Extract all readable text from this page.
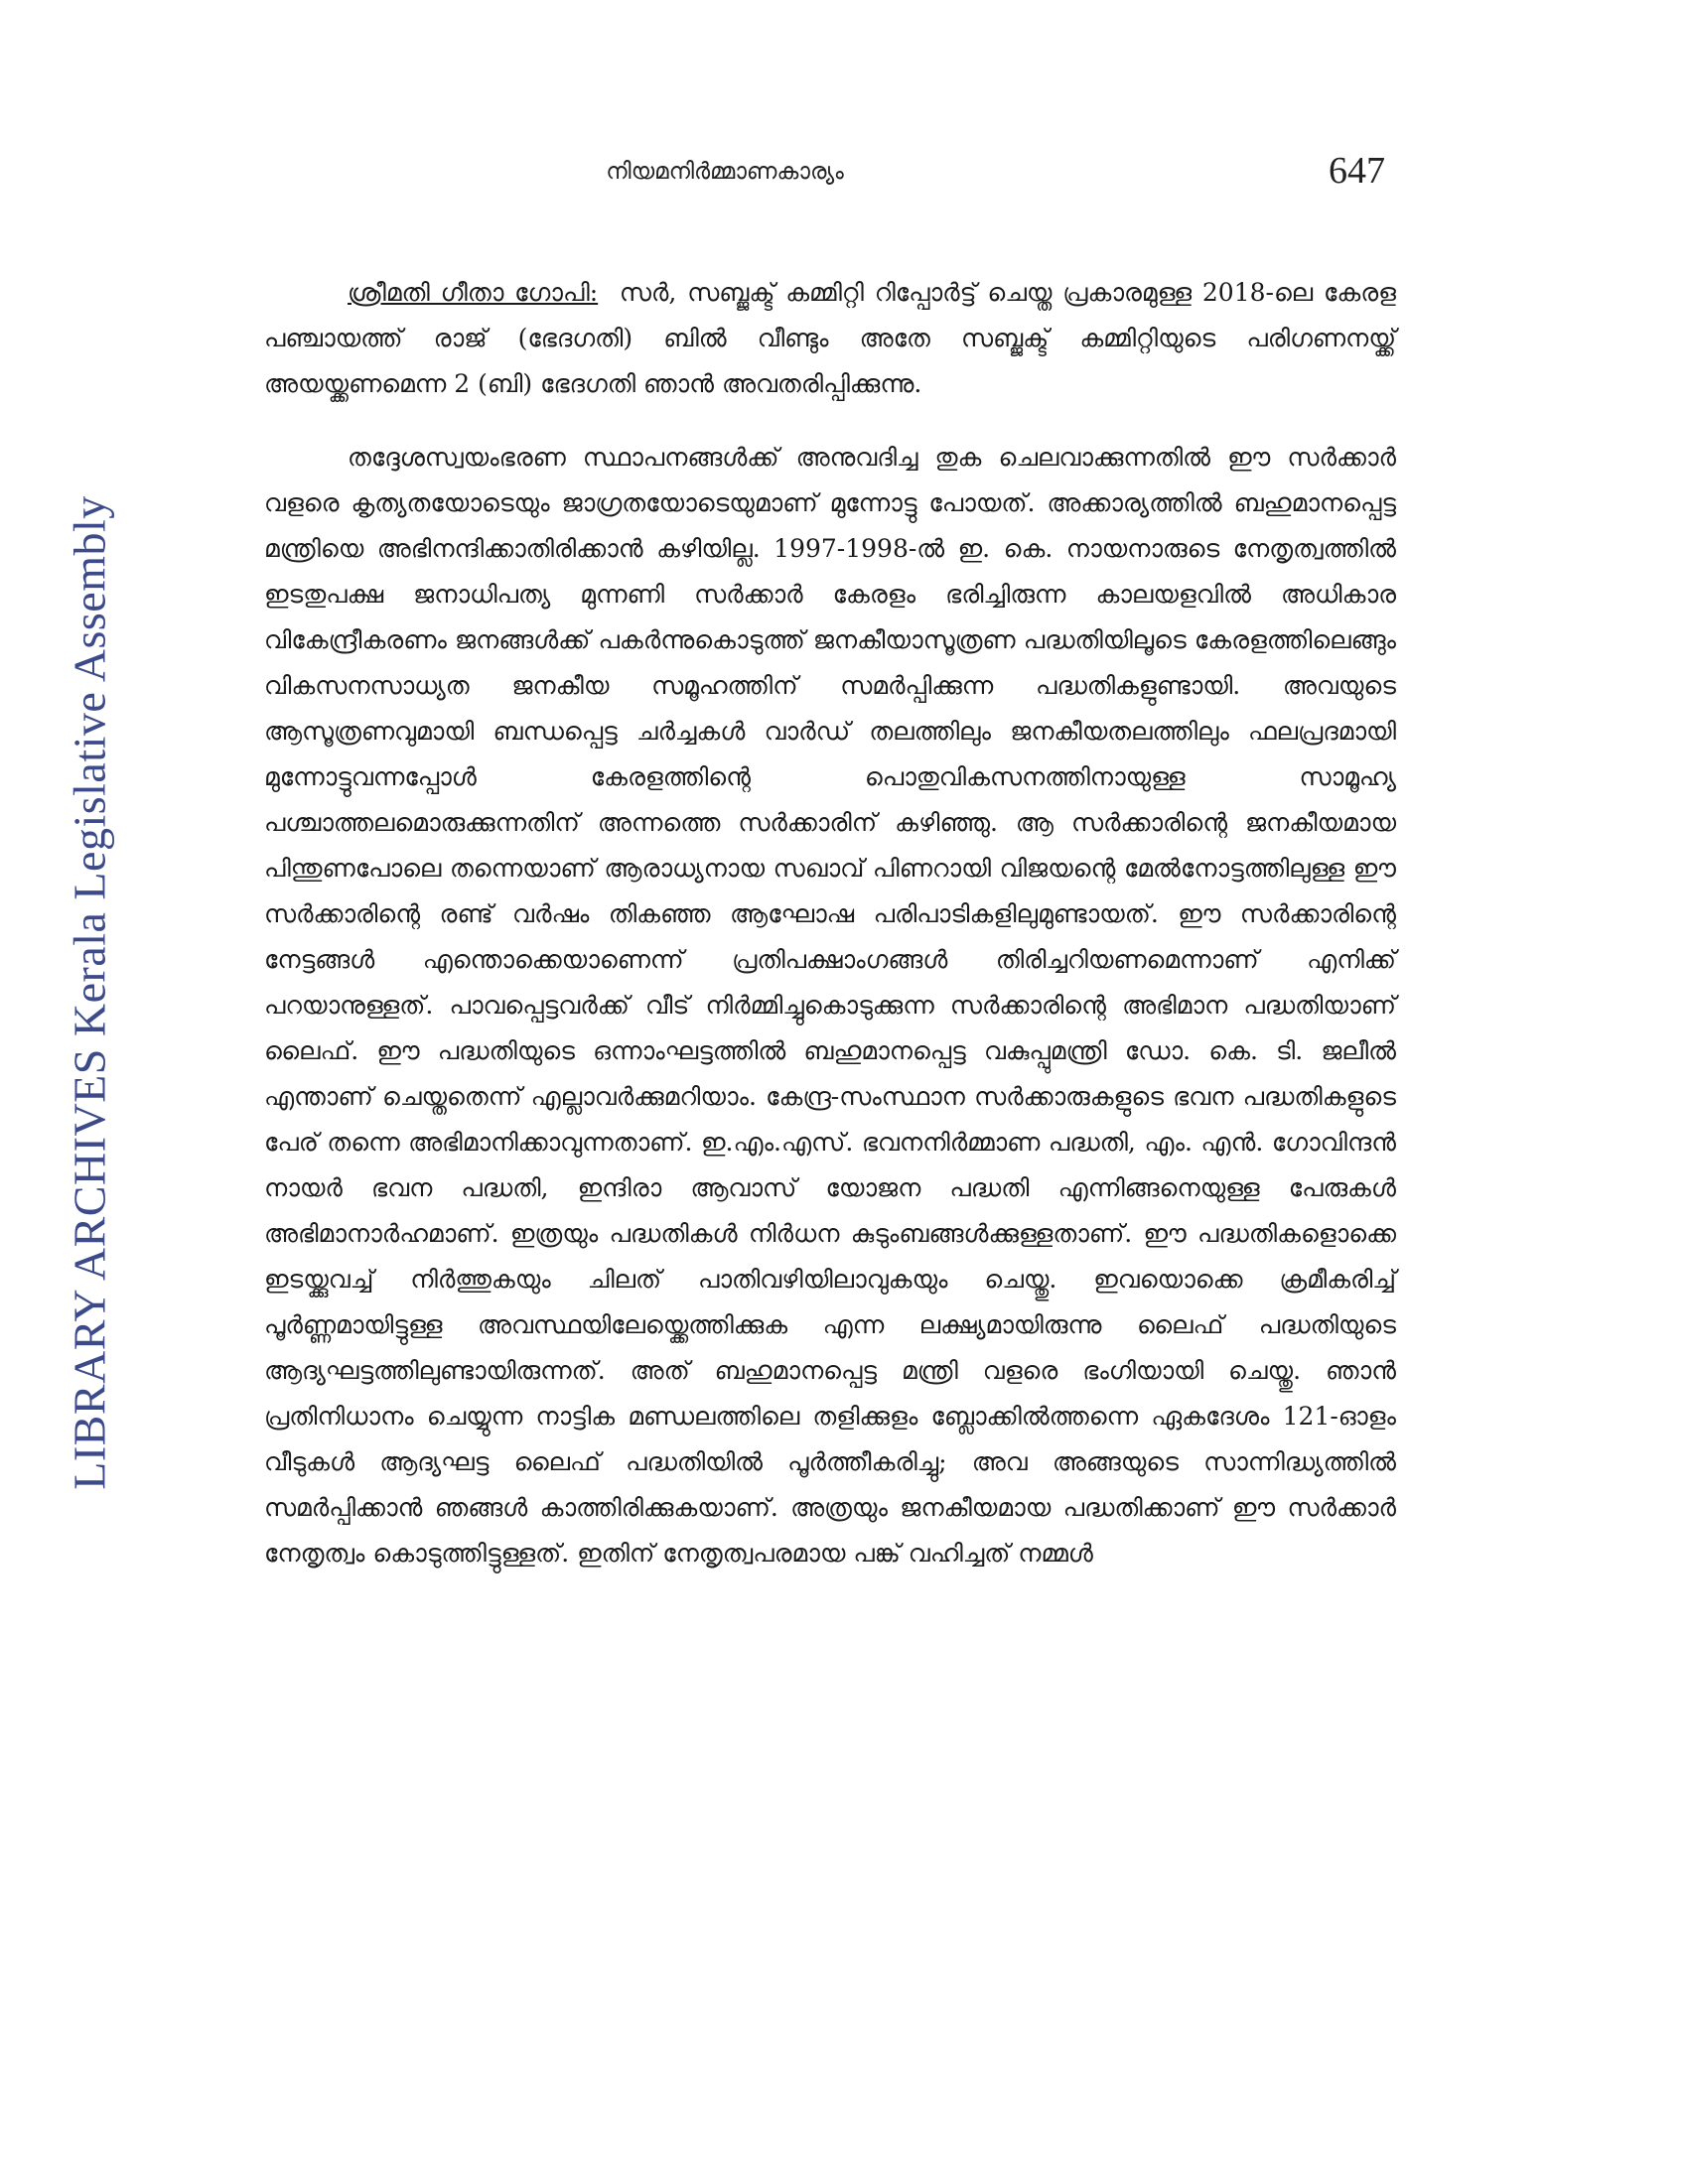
LIBRARY ARCHIVES Kerala Legislative Assembly
നിയമനിർമ്മാണകാര്യം	647

ശ്രീമതി ഗീതാ ഗോപി: സർ, സബ്ജക്ട് കമ്മിറ്റി റിപ്പോർട്ട് ചെയ്ത പ്രകാരമുള്ള 2018-ലെ കേരള പഞ്ചായത്ത് രാജ് (ഭേദഗതി) ബിൽ വീണ്ടും അതേ സബ്ജക്ട് കമ്മിറ്റിയുടെ പരിഗണനയ്ക്ക് അയയ്ക്കണമെന്ന 2 (ബി) ഭേദഗതി ഞാൻ അവതരിപ്പിക്കുന്നു.

തദ്ദേശസ്വയംഭരണ സ്ഥാപനങ്ങൾക്ക് അനുവദിച്ച തുക ചെലവാക്കുന്നതിൽ ഈ സർക്കാർ വളരെ കൃത്യതയോടെയും ജാഗ്രതയോടെയുമാണ് മുന്നോട്ടു പോയത്. അക്കാര്യത്തിൽ ബഹുമാനപ്പെട്ട മന്ത്രിയെ അഭിനന്ദിക്കാതിരിക്കാൻ കഴിയില്ല. 1997-1998-ൽ ഇ. കെ. നായനാരുടെ നേതൃത്വത്തിൽ ഇടതുപക്ഷ ജനാധിപത്യ മുന്നണി സർക്കാർ കേരളം ഭരിച്ചിരുന്ന കാലയളവിൽ അധികാര വികേന്ദ്രീകരണം ജനങ്ങൾക്ക് പകർന്നുകൊടുത്ത് ജനകീയാസൂത്രണ പദ്ധതിയിലൂടെ കേരളത്തിലെങ്ങും വികസനസാധ്യത ജനകീയ സമൂഹത്തിന് സമർപ്പിക്കുന്ന പദ്ധതികളുണ്ടായി. അവയുടെ ആസൂത്രണവുമായി ബന്ധപ്പെട്ട ചർച്ചകൾ വാർഡ് തലത്തിലും ജനകീയതലത്തിലും ഫലപ്രദമായി മുന്നോട്ടുവന്നപ്പോൾ കേരളത്തിന്റെ പൊതുവികസനത്തിനായുള്ള സാമൂഹ്യ പശ്ചാത്തലമൊരുക്കുന്നതിന് അന്നത്തെ സർക്കാരിന് കഴിഞ്ഞു. ആ സർക്കാരിന്റെ ജനകീയമായ പിന്തുണപോലെ തന്നെയാണ് ആരാധ്യനായ സഖാവ് പിണറായി വിജയന്റെ മേൽനോട്ടത്തിലുള്ള ഈ സർക്കാരിന്റെ രണ്ട് വർഷം തികഞ്ഞ ആഘോഷ പരിപാടികളിലുമുണ്ടായത്. ഈ സർക്കാരിന്റെ നേട്ടങ്ങൾ എന്തൊക്കെയാണെന്ന് പ്രതിപക്ഷാംഗങ്ങൾ തിരിച്ചറിയണമെന്നാണ് എനിക്ക് പറയാനുള്ളത്. പാവപ്പെട്ടവർക്ക് വീട് നിർമ്മിച്ചുകൊടുക്കുന്ന സർക്കാരിന്റെ അഭിമാന പദ്ധതിയാണ് ലൈഫ്. ഈ പദ്ധതിയുടെ ഒന്നാംഘട്ടത്തിൽ ബഹുമാനപ്പെട്ട വകുപ്പുമന്ത്രി ഡോ. കെ. ടി. ജലീൽ എന്താണ് ചെയ്തതെന്ന് എല്ലാവർക്കുമറിയാം. കേന്ദ്ര-സംസ്ഥാന സർക്കാരുകളുടെ ഭവന പദ്ധതികളുടെ പേര് തന്നെ അഭിമാനിക്കാവുന്നതാണ്. ഇ.എം.എസ്. ഭവനനിർമ്മാണ പദ്ധതി, എം. എൻ. ഗോവിന്ദൻ നായർ ഭവന പദ്ധതി, ഇന്ദിരാ ആവാസ് യോജന പദ്ധതി എന്നിങ്ങനെയുള്ള പേരുകൾ അഭിമാനാർഹമാണ്. ഇത്രയും പദ്ധതികൾ നിർധന കുടുംബങ്ങൾക്കുള്ളതാണ്. ഈ പദ്ധതികളൊക്കെ ഇടയ്ക്കുവച്ച് നിർത്തുകയും ചിലത് പാതിവഴിയിലാവുകയും ചെയ്തു. ഇവയൊക്കെ ക്രമീകരിച്ച് പൂർണ്ണമായിട്ടുള്ള അവസ്ഥയിലേയ്ക്കെത്തിക്കുക എന്ന ലക്ഷ്യമായിരുന്നു ലൈഫ് പദ്ധതിയുടെ ആദ്യഘട്ടത്തിലുണ്ടായിരുന്നത്. അത് ബഹുമാനപ്പെട്ട മന്ത്രി വളരെ ഭംഗിയായി ചെയ്തു. ഞാൻ പ്രതിനിധാനം ചെയ്യുന്ന നാട്ടിക മണ്ഡലത്തിലെ തളിക്കുളം ബ്ലോക്കിൽത്തന്നെ ഏകദേശം 121-ഓളം വീടുകൾ ആദ്യഘട്ട ലൈഫ് പദ്ധതിയിൽ പൂർത്തീകരിച്ചു; അവ അങ്ങയുടെ സാന്നിദ്ധ്യത്തിൽ സമർപ്പിക്കാൻ ഞങ്ങൾ കാത്തിരിക്കുകയാണ്. അത്രയും ജനകീയമായ പദ്ധതിക്കാണ് ഈ സർക്കാർ നേതൃത്വം കൊടുത്തിട്ടുള്ളത്. ഇതിന് നേതൃത്വപരമായ പങ്ക് വഹിച്ചത് നമ്മൾ
